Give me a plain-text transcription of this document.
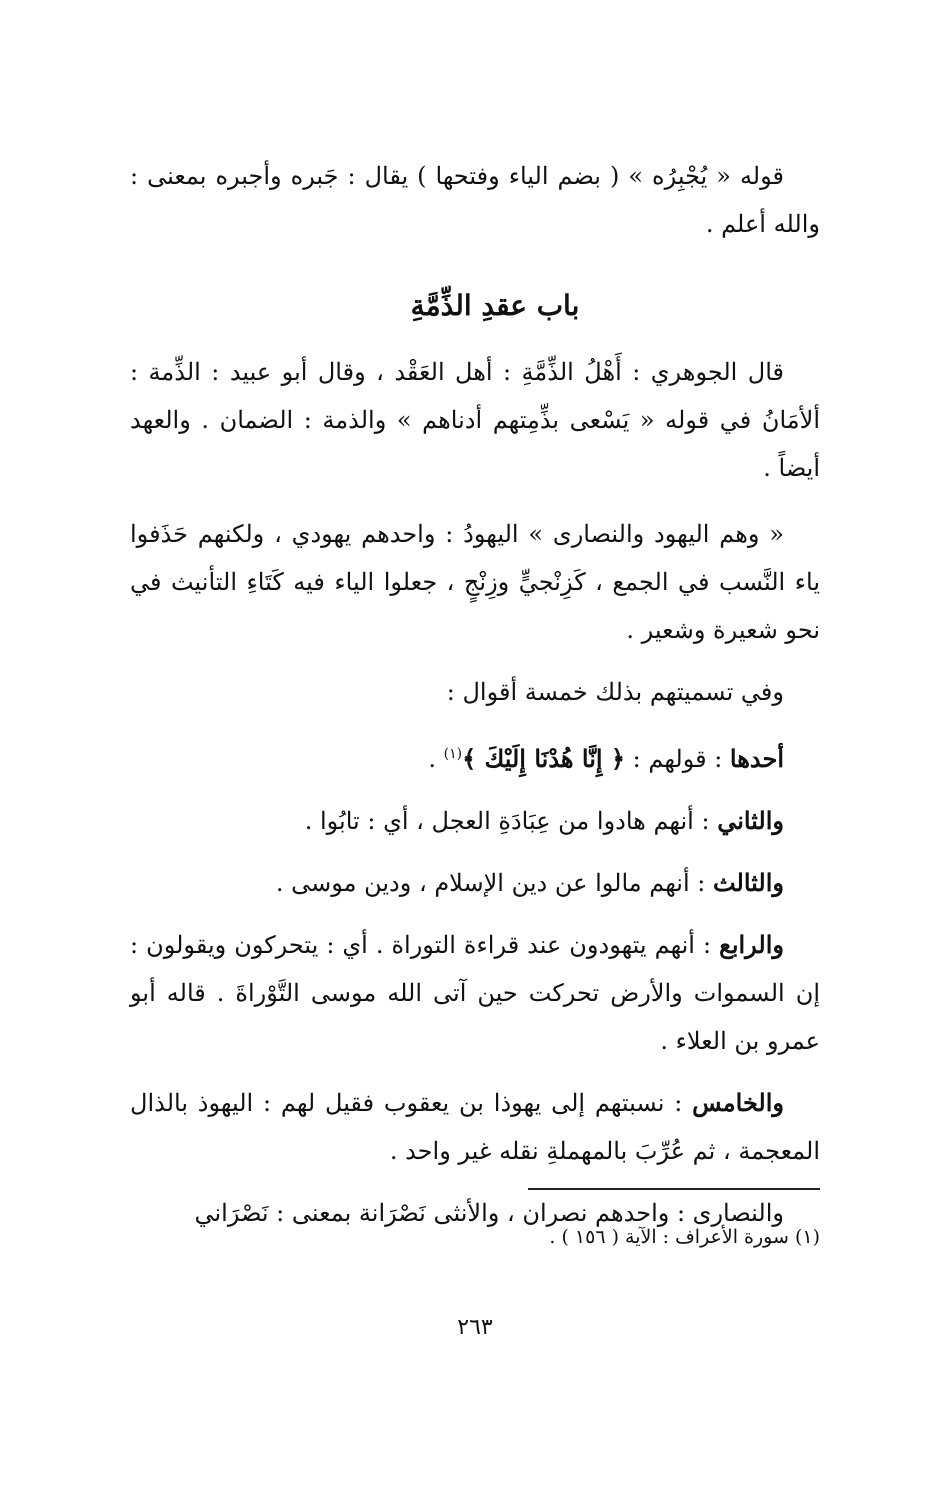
قوله « يُجْبِرُه » ( بضم الياء وفتحها ) يقال : جَبره وأجبره بمعنى : والله أعلم .

باب عقدِ الذِّمَّةِ

قال الجوهري : أَهْلُ الذِّمَّةِ : أهل العَقْد ، وقال أبو عبيد : الذِّمة : ألأمَانُ في قوله « يَسْعى بذِّمِتهم أدناهم » والذمة : الضمان . والعهد أيضاً .

« وهم اليهود والنصارى » اليهودُ : واحدهم يهودي ، ولكنهم حَذَفوا ياء النَّسب في الجمع ، كَزِنْجيٍّ وزِنْجٍ ، جعلوا الياء فيه كَتَاءِ التأنيث في نحو شعيرة وشعير .

وفي تسميتهم بذلك خمسة أقوال :

أحدها : قولهم : ﴿ إِنَّا هُدْنَا إِلَيْكَ ﴾$^{(١)}$ .

والثاني : أنهم هادوا من عِبَادَةِ العجل ، أي : تابُوا .

والثالث : أنهم مالوا عن دين الإسلام ، ودين موسى .

والرابع : أنهم يتهودون عند قراءة التوراة . أي : يتحركون ويقولون : إن السموات والأرض تحركت حين آتى الله موسى التَّوْراةَ . قاله أبو عمرو بن العلاء .

والخامس : نسبتهم إلى يهوذا بن يعقوب فقيل لهم : اليهوذ بالذال المعجمة ، ثم عُرِّبَ بالمهملةِ نقله غير واحد .

والنصارى : واحدهم نصران ، والأنثى نَصْرَانة بمعنى : نَصْرَاني

(١) سورة الأعراف : الآية ( ١٥٦ ) .

٢٦٣
